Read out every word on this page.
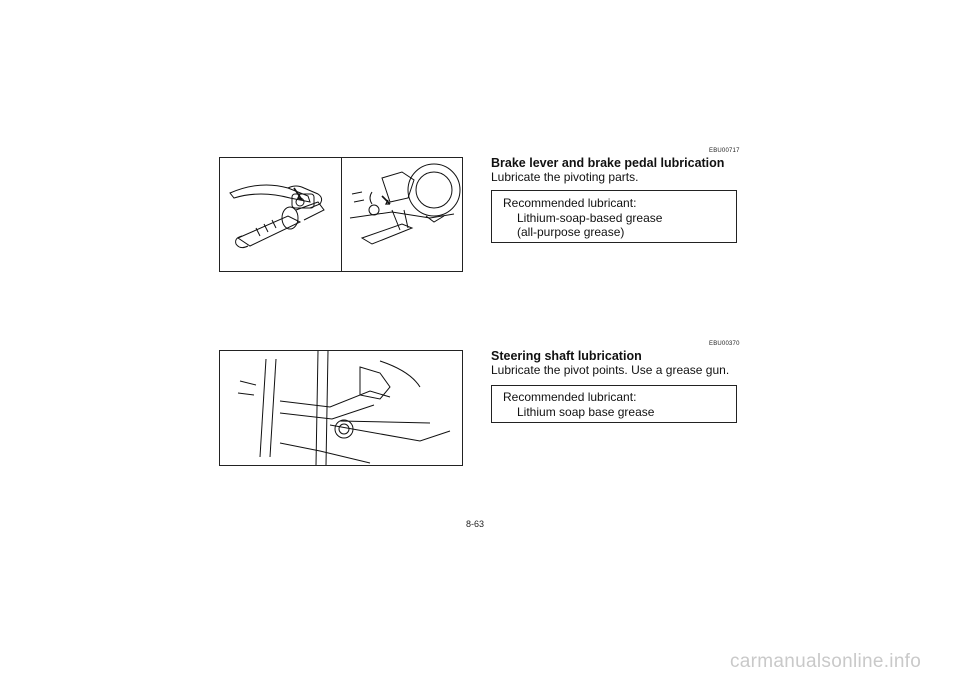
EBU00717
Brake lever and brake pedal lubrication
Lubricate the pivoting parts.
Recommended lubricant:
Lithium-soap-based grease
(all-purpose grease)
EBU00370
Steering shaft lubrication
Lubricate the pivot points. Use a grease gun.
Recommended lubricant:
Lithium soap base grease
8-63
carmanualsonline.info
